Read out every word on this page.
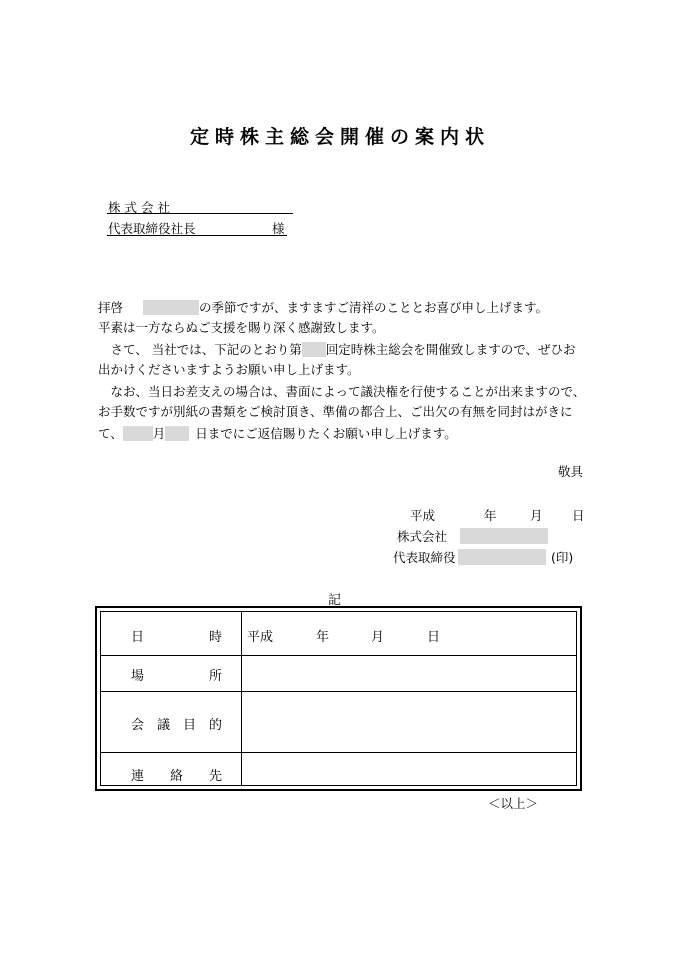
定時株主総会開催の案内状
株式会社
代表取締役社長	様
拝啓	の季節ですが、ますますご清祥のこととお喜び申し上げます。
平素は一方ならぬご支援を賜り深く感謝致します。
　さて、 当社では、下記のとおり第 回定時株主総会を開催致しますので、ぜひお
出かけくださいますようお願い申し上げます。
　なお、当日お差支えの場合は、書面によって議決権を行使することが出来ますので、
お手数ですが別紙の書類をご検討頂き、準備の都合上、ご出欠の有無を同封はがきに
て、 月 日までにご返信賜りたくお願い申し上げます。
敬具
平成	年	月 日
株式会社
代表取締役	(印)
記
日　　　　　時 平成	年	月	日
場　　　　　所
会　議　目　的
連　　絡　　先
＜以上＞
